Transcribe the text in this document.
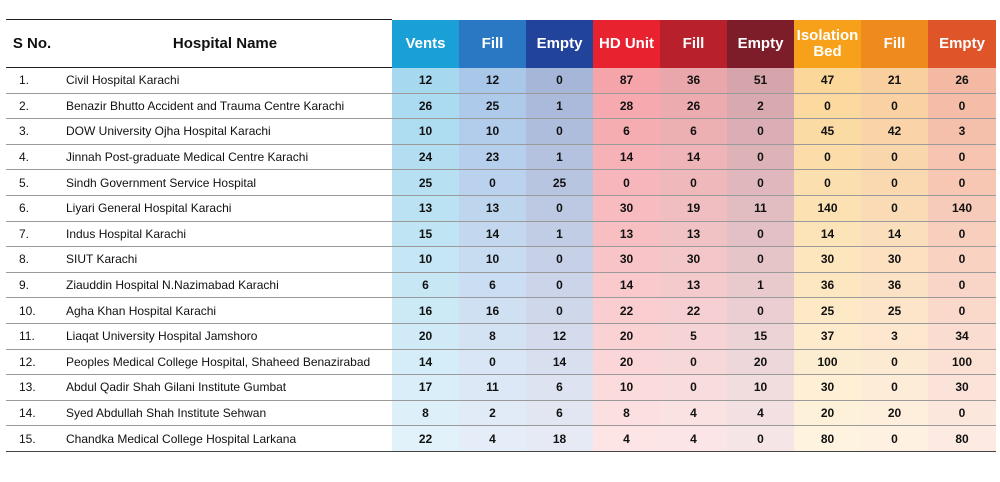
S No.	Hospital Name	Vents	Fill	Empty	HD Unit	Fill	Empty	Isolation Bed	Fill	Empty
1.	Civil Hospital Karachi	12	12	0	87	36	51	47	21	26
2.	Benazir Bhutto Accident and Trauma Centre Karachi	26	25	1	28	26	2	0	0	0
3.	DOW University Ojha Hospital Karachi	10	10	0	6	6	0	45	42	3
4.	Jinnah Post-graduate Medical Centre Karachi	24	23	1	14	14	0	0	0	0
5.	Sindh Government Service Hospital	25	0	25	0	0	0	0	0	0
6.	Liyari General Hospital Karachi	13	13	0	30	19	11	140	0	140
7.	Indus Hospital Karachi	15	14	1	13	13	0	14	14	0
8.	SIUT Karachi	10	10	0	30	30	0	30	30	0
9.	Ziauddin Hospital N.Nazimabad Karachi	6	6	0	14	13	1	36	36	0
10.	Agha Khan Hospital Karachi	16	16	0	22	22	0	25	25	0
11.	Liaqat University Hospital Jamshoro	20	8	12	20	5	15	37	3	34
12.	Peoples Medical College Hospital, Shaheed Benazirabad	14	0	14	20	0	20	100	0	100
13.	Abdul Qadir Shah Gilani Institute Gumbat	17	11	6	10	0	10	30	0	30
14.	Syed Abdullah Shah Institute Sehwan	8	2	6	8	4	4	20	20	0
15.	Chandka Medical College Hospital Larkana	22	4	18	4	4	0	80	0	80
